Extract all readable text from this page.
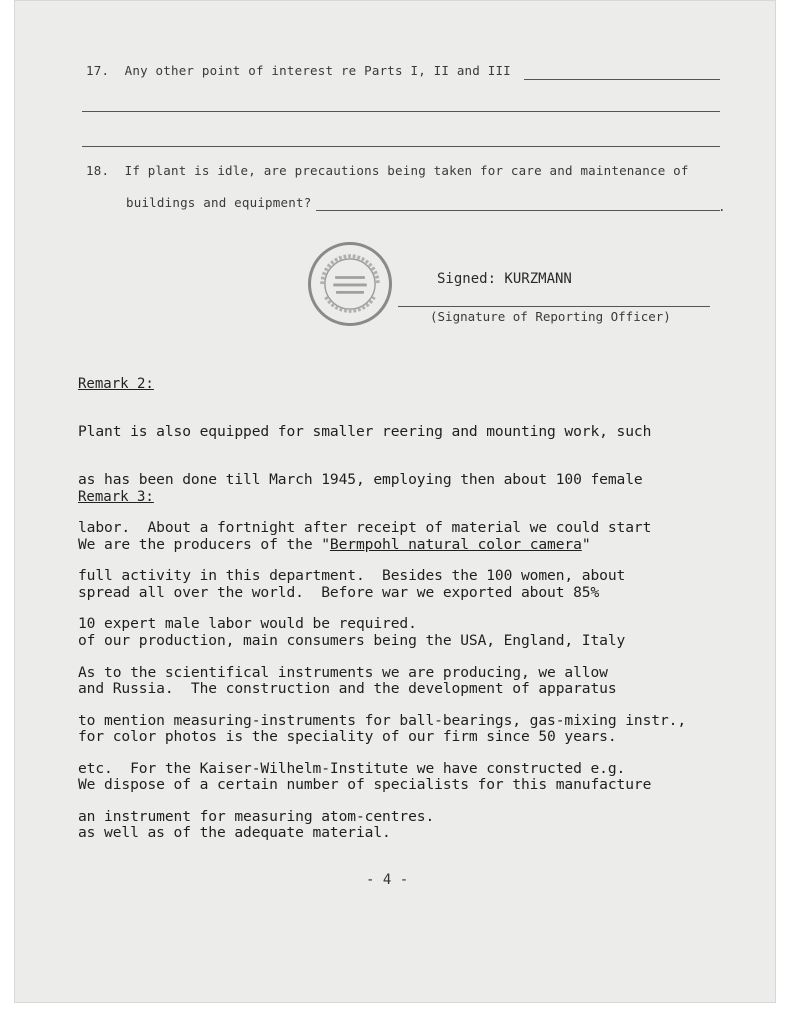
17.  Any other point of interest re Parts I, II and III
18.  If plant is idle, are precautions being taken for care and maintenance of
buildings and equipment?	.
Signed: KURZMANN
(Signature of Reporting Officer)
Remark 2:

Plant is also equipped for smaller reering and mounting work, such

as has been done till March 1945, employing then about 100 female

labor.  About a fortnight after receipt of material we could start

full activity in this department.  Besides the 100 women, about

10 expert male labor would be required.

Remark 3:

We are the producers of the "Bermpohl natural color camera"

spread all over the world.  Before war we exported about 85%

of our production, main consumers being the USA, England, Italy

and Russia.  The construction and the development of apparatus

for color photos is the speciality of our firm since 50 years.

We dispose of a certain number of specialists for this manufacture

as well as of the adequate material.

As to the scientifical instruments we are producing, we allow

to mention measuring-instruments for ball-bearings, gas-mixing instr.,

etc.  For the Kaiser-Wilhelm-Institute we have constructed e.g.

an instrument for measuring atom-centres.

- 4 -
